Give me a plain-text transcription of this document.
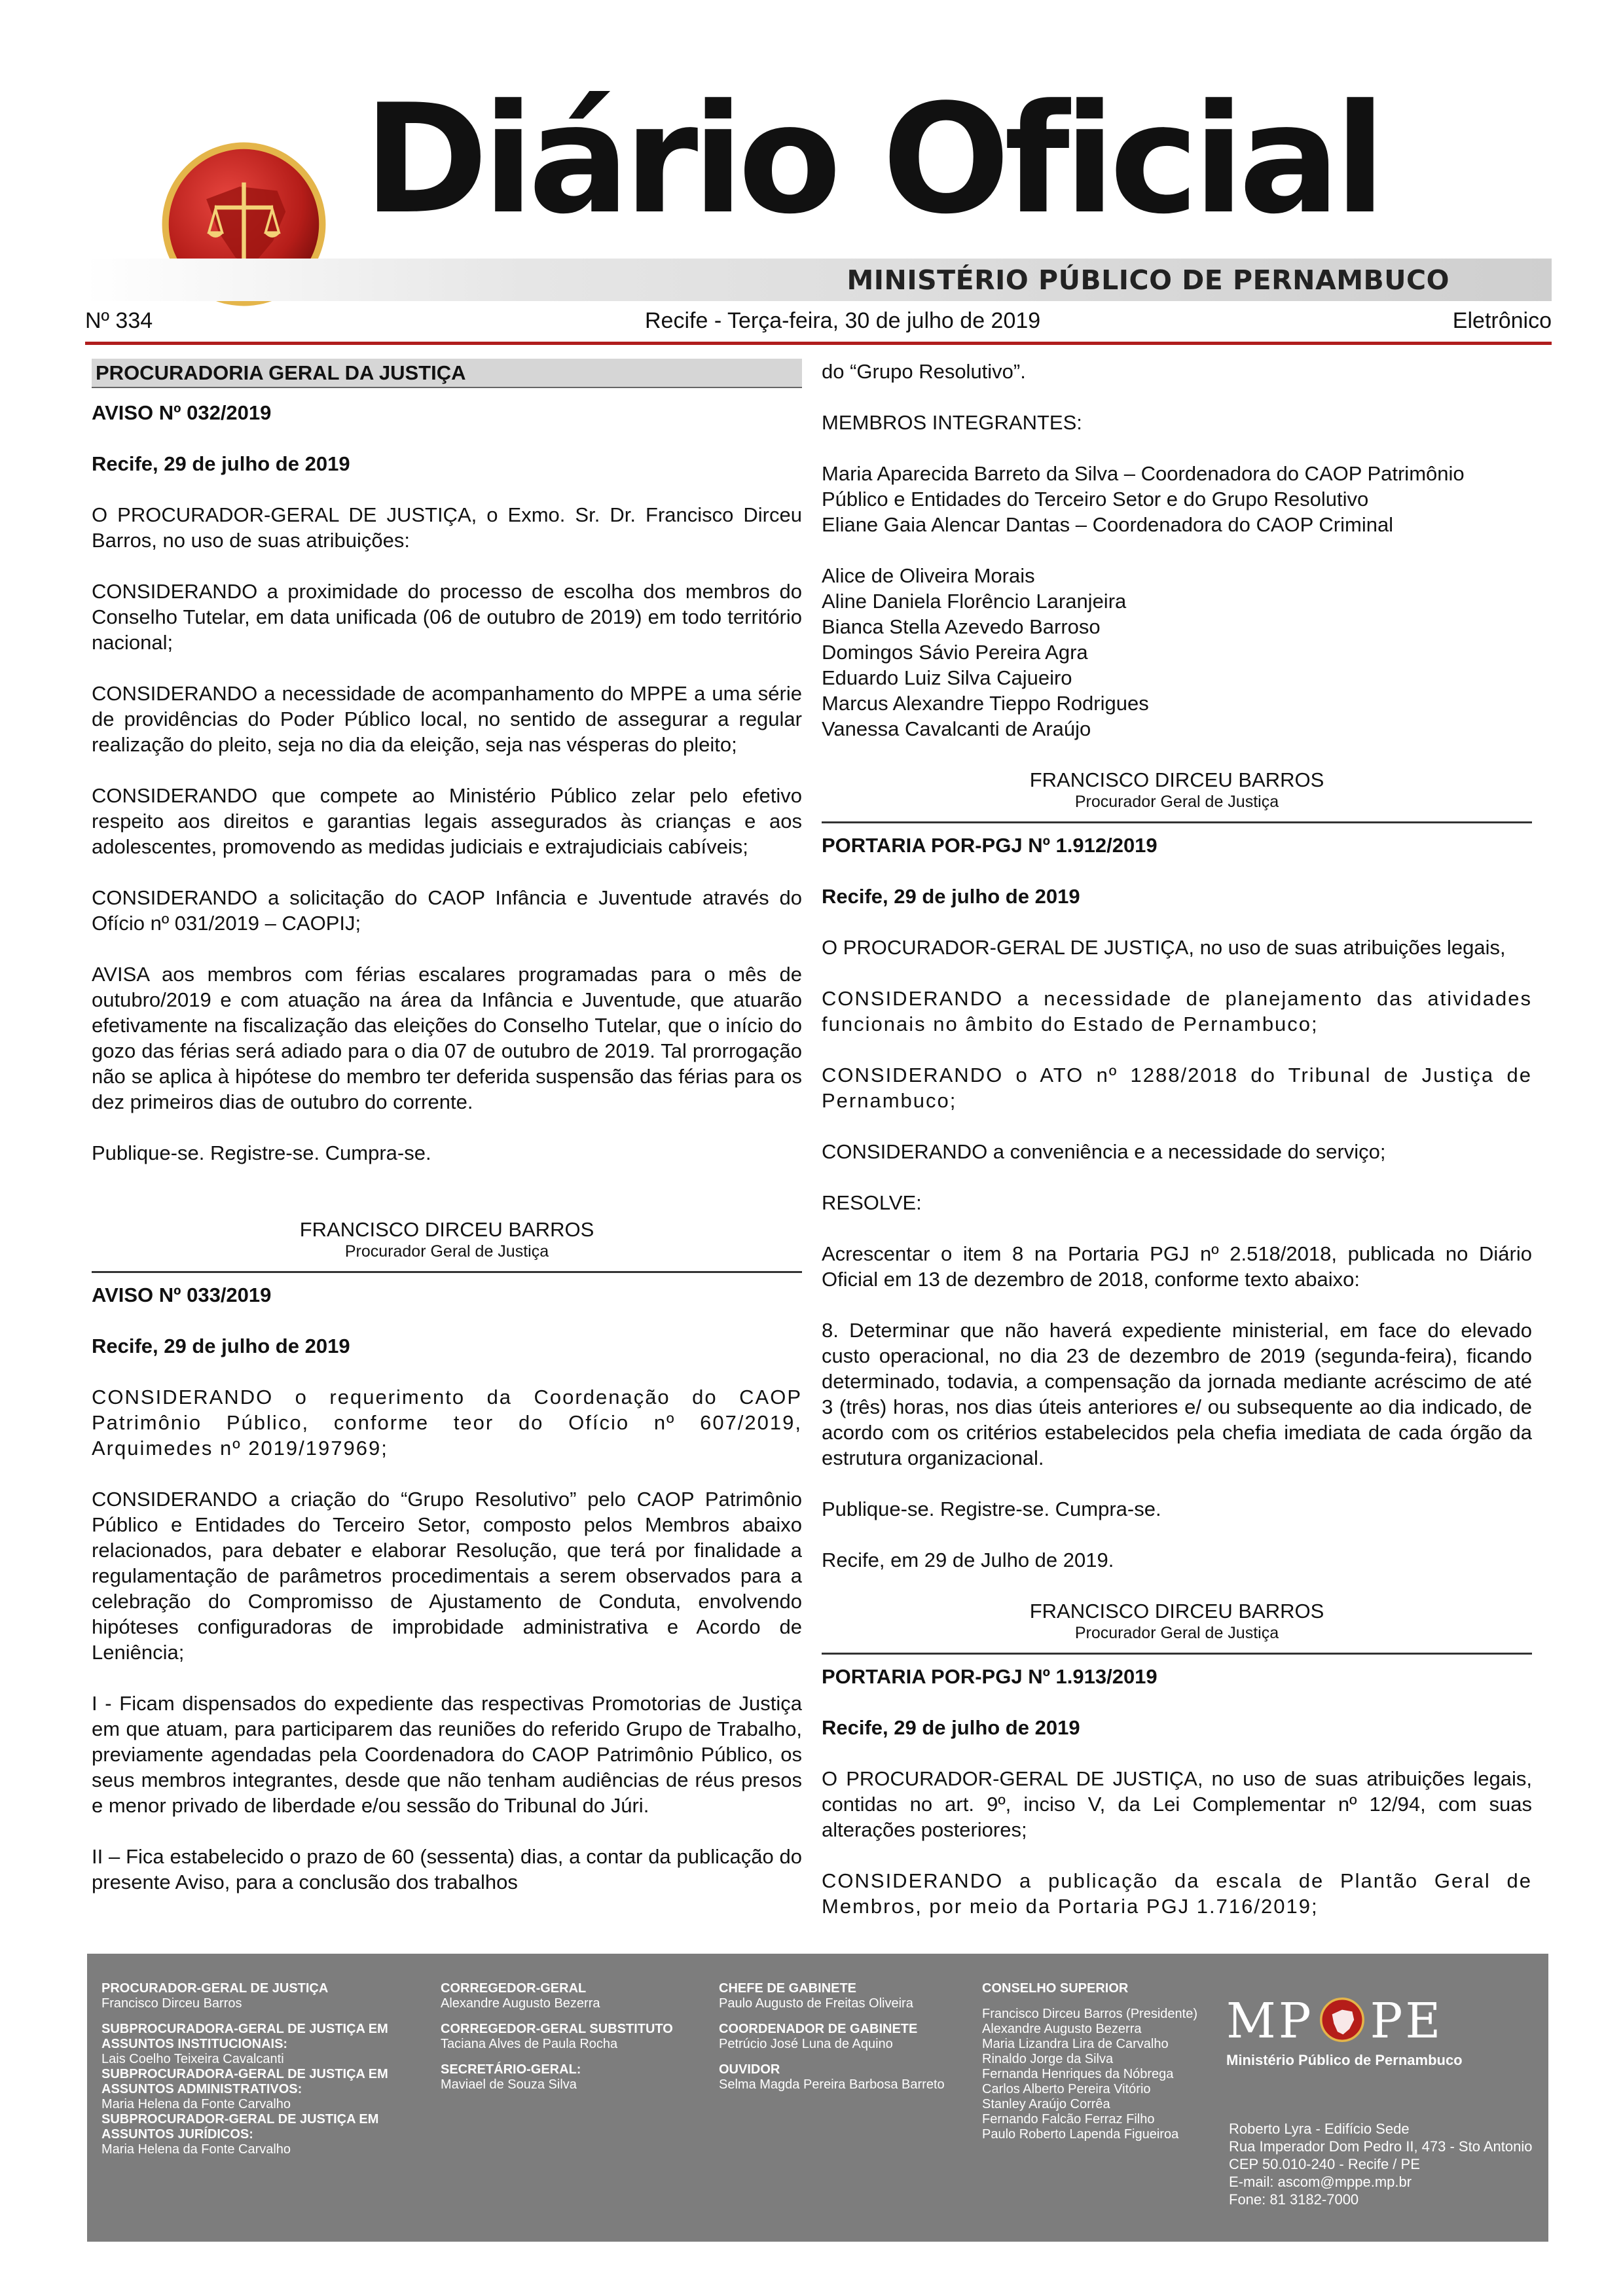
Diário Oficial
MINISTÉRIO PÚBLICO DE PERNAMBUCO
Nº 334	Recife - Terça-feira, 30 de julho de 2019	Eletrônico
PROCURADORIA GERAL DA JUSTIÇA

AVISO Nº 032/2019

Recife, 29 de julho de 2019

O PROCURADOR-GERAL DE JUSTIÇA, o Exmo. Sr. Dr. Francisco Dirceu Barros, no uso de suas atribuições:

CONSIDERANDO a proximidade do processo de escolha dos membros do Conselho Tutelar, em data unificada (06 de outubro de 2019) em todo território nacional;

CONSIDERANDO a necessidade de acompanhamento do MPPE a uma série de providências do Poder Público local, no sentido de assegurar a regular realização do pleito, seja no dia da eleição, seja nas vésperas do pleito;

CONSIDERANDO que compete ao Ministério Público zelar pelo efetivo respeito aos direitos e garantias legais assegurados às crianças e aos adolescentes, promovendo as medidas judiciais e extrajudiciais cabíveis;

CONSIDERANDO a solicitação do CAOP Infância e Juventude através do Ofício nº 031/2019 – CAOPIJ;

AVISA aos membros com férias escalares programadas para o mês de outubro/2019 e com atuação na área da Infância e Juventude, que atuarão efetivamente na fiscalização das eleições do Conselho Tutelar, que o início do gozo das férias será adiado para o dia 07 de outubro de 2019. Tal prorrogação não se aplica à hipótese do membro ter deferida suspensão das férias para os dez primeiros dias de outubro do corrente.

Publique-se. Registre-se. Cumpra-se.

FRANCISCO DIRCEU BARROS
Procurador Geral de Justiça

AVISO Nº 033/2019

Recife, 29 de julho de 2019

CONSIDERANDO o requerimento da Coordenação do CAOP Patrimônio Público, conforme teor do Ofício nº 607/2019, Arquimedes nº 2019/197969;

CONSIDERANDO a criação do “Grupo Resolutivo” pelo CAOP Patrimônio Público e Entidades do Terceiro Setor, composto pelos Membros abaixo relacionados, para debater e elaborar Resolução, que terá por finalidade a regulamentação de parâmetros procedimentais a serem observados para a celebração do Compromisso de Ajustamento de Conduta, envolvendo hipóteses configuradoras de improbidade administrativa e Acordo de Leniência;

I - Ficam dispensados do expediente das respectivas Promotorias de Justiça em que atuam, para participarem das reuniões do referido Grupo de Trabalho, previamente agendadas pela Coordenadora do CAOP Patrimônio Público, os seus membros integrantes, desde que não tenham audiências de réus presos e menor privado de liberdade e/ou sessão do Tribunal do Júri.

II – Fica estabelecido o prazo de 60 (sessenta) dias, a contar da publicação do presente Aviso, para a conclusão dos trabalhos

do “Grupo Resolutivo”.

MEMBROS INTEGRANTES:

Maria Aparecida Barreto da Silva – Coordenadora do CAOP Patrimônio Público e Entidades do Terceiro Setor e do Grupo Resolutivo
Eliane Gaia Alencar Dantas – Coordenadora do CAOP Criminal
Alice de Oliveira Morais
Aline Daniela Florêncio Laranjeira
Bianca Stella Azevedo Barroso
Domingos Sávio Pereira Agra
Eduardo Luiz Silva Cajueiro
Marcus Alexandre Tieppo Rodrigues
Vanessa Cavalcanti de Araújo
FRANCISCO DIRCEU BARROS
Procurador Geral de Justiça

PORTARIA POR-PGJ Nº 1.912/2019

Recife, 29 de julho de 2019

O PROCURADOR-GERAL DE JUSTIÇA, no uso de suas atribuições legais,

CONSIDERANDO a necessidade de planejamento das atividades funcionais no âmbito do Estado de Pernambuco;

CONSIDERANDO o ATO nº 1288/2018 do Tribunal de Justiça de Pernambuco;

CONSIDERANDO a conveniência e a necessidade do serviço;

RESOLVE:

Acrescentar o item 8 na Portaria PGJ nº 2.518/2018, publicada no Diário Oficial em 13 de dezembro de 2018, conforme texto abaixo:

8. Determinar que não haverá expediente ministerial, em face do elevado custo operacional, no dia 23 de dezembro de 2019 (segunda-feira), ficando determinado, todavia, a compensação da jornada mediante acréscimo de até 3 (três) horas, nos dias úteis anteriores e/ ou subsequente ao dia indicado, de acordo com os critérios estabelecidos pela chefia imediata de cada órgão da estrutura organizacional.

Publique-se. Registre-se. Cumpra-se.

Recife, em 29 de Julho de 2019.

FRANCISCO DIRCEU BARROS
Procurador Geral de Justiça

PORTARIA POR-PGJ Nº 1.913/2019

Recife, 29 de julho de 2019

O PROCURADOR-GERAL DE JUSTIÇA, no uso de suas atribuições legais, contidas no art. 9º, inciso V, da Lei Complementar nº 12/94, com suas alterações posteriores;

CONSIDERANDO a publicação da escala de Plantão Geral de Membros, por meio da Portaria PGJ 1.716/2019;

PROCURADOR-GERAL DE JUSTIÇA
Francisco Dirceu Barros
SUBPROCURADORA-GERAL DE JUSTIÇA EM ASSUNTOS INSTITUCIONAIS:
Lais Coelho Teixeira Cavalcanti
SUBPROCURADORA-GERAL DE JUSTIÇA EM ASSUNTOS ADMINISTRATIVOS:
Maria Helena da Fonte Carvalho
SUBPROCURADOR-GERAL DE JUSTIÇA EM ASSUNTOS JURÍDICOS:
Maria Helena da Fonte Carvalho
CORREGEDOR-GERAL
Alexandre Augusto Bezerra
CORREGEDOR-GERAL SUBSTITUTO
Taciana Alves de Paula Rocha
SECRETÁRIO-GERAL:
Maviael de Souza Silva
CHEFE DE GABINETE
Paulo Augusto de Freitas Oliveira
COORDENADOR DE GABINETE
Petrúcio José Luna de Aquino
OUVIDOR
Selma Magda Pereira Barbosa Barreto
CONSELHO SUPERIOR
Francisco Dirceu Barros (Presidente)
Alexandre Augusto Bezerra
Maria Lizandra Lira de Carvalho
Rinaldo Jorge da Silva
Fernanda Henriques da Nóbrega
Carlos Alberto Pereira Vitório
Stanley Araújo Corrêa
Fernando Falcão Ferraz Filho
Paulo Roberto Lapenda Figueiroa
MP PE
Ministério Público de Pernambuco
Roberto Lyra - Edifício Sede
Rua Imperador Dom Pedro II, 473 - Sto Antonio
CEP 50.010-240 - Recife / PE
E-mail: ascom@mppe.mp.br
Fone: 81 3182-7000
